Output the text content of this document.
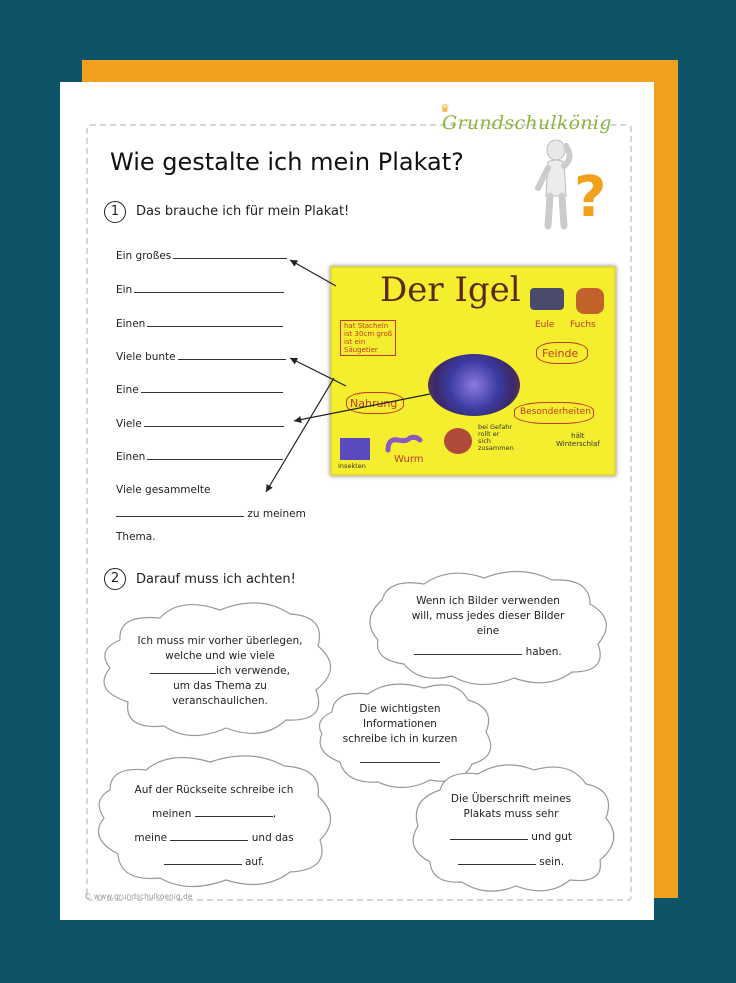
♛
Grundschulkönig
Wie gestalte ich mein Plakat?
?
1	Das brauche ich für mein Plakat!
Ein großes
Ein
Einen
Viele bunte
Eine
Viele
Einen
Viele gesammelte
zu meinem
Thema.
Der Igel
Eule Fuchs
Feinde
hat Stacheln
ist 30cm groß
ist ein
Säugetier
Nahrung
Besonderheiten
hält
Winterschlaf
bei Gefahr
rollt er
sich
zusammen
Insekten
Wurm
2	Darauf muss ich achten!
Ich muss mir vorher überlegen,
welche und wie viele
ich verwende,
um das Thema zu
veranschaulichen.
Wenn ich Bilder verwenden
will, muss jedes dieser Bilder
eine
haben.
Die wichtigsten
Informationen
schreibe ich in kurzen
Auf der Rückseite schreibe ich
meinen	,
meine	und das
auf.
Die Überschrift meines
Plakats muss sehr
und gut
sein.
© www.grundschulkoenig.de
